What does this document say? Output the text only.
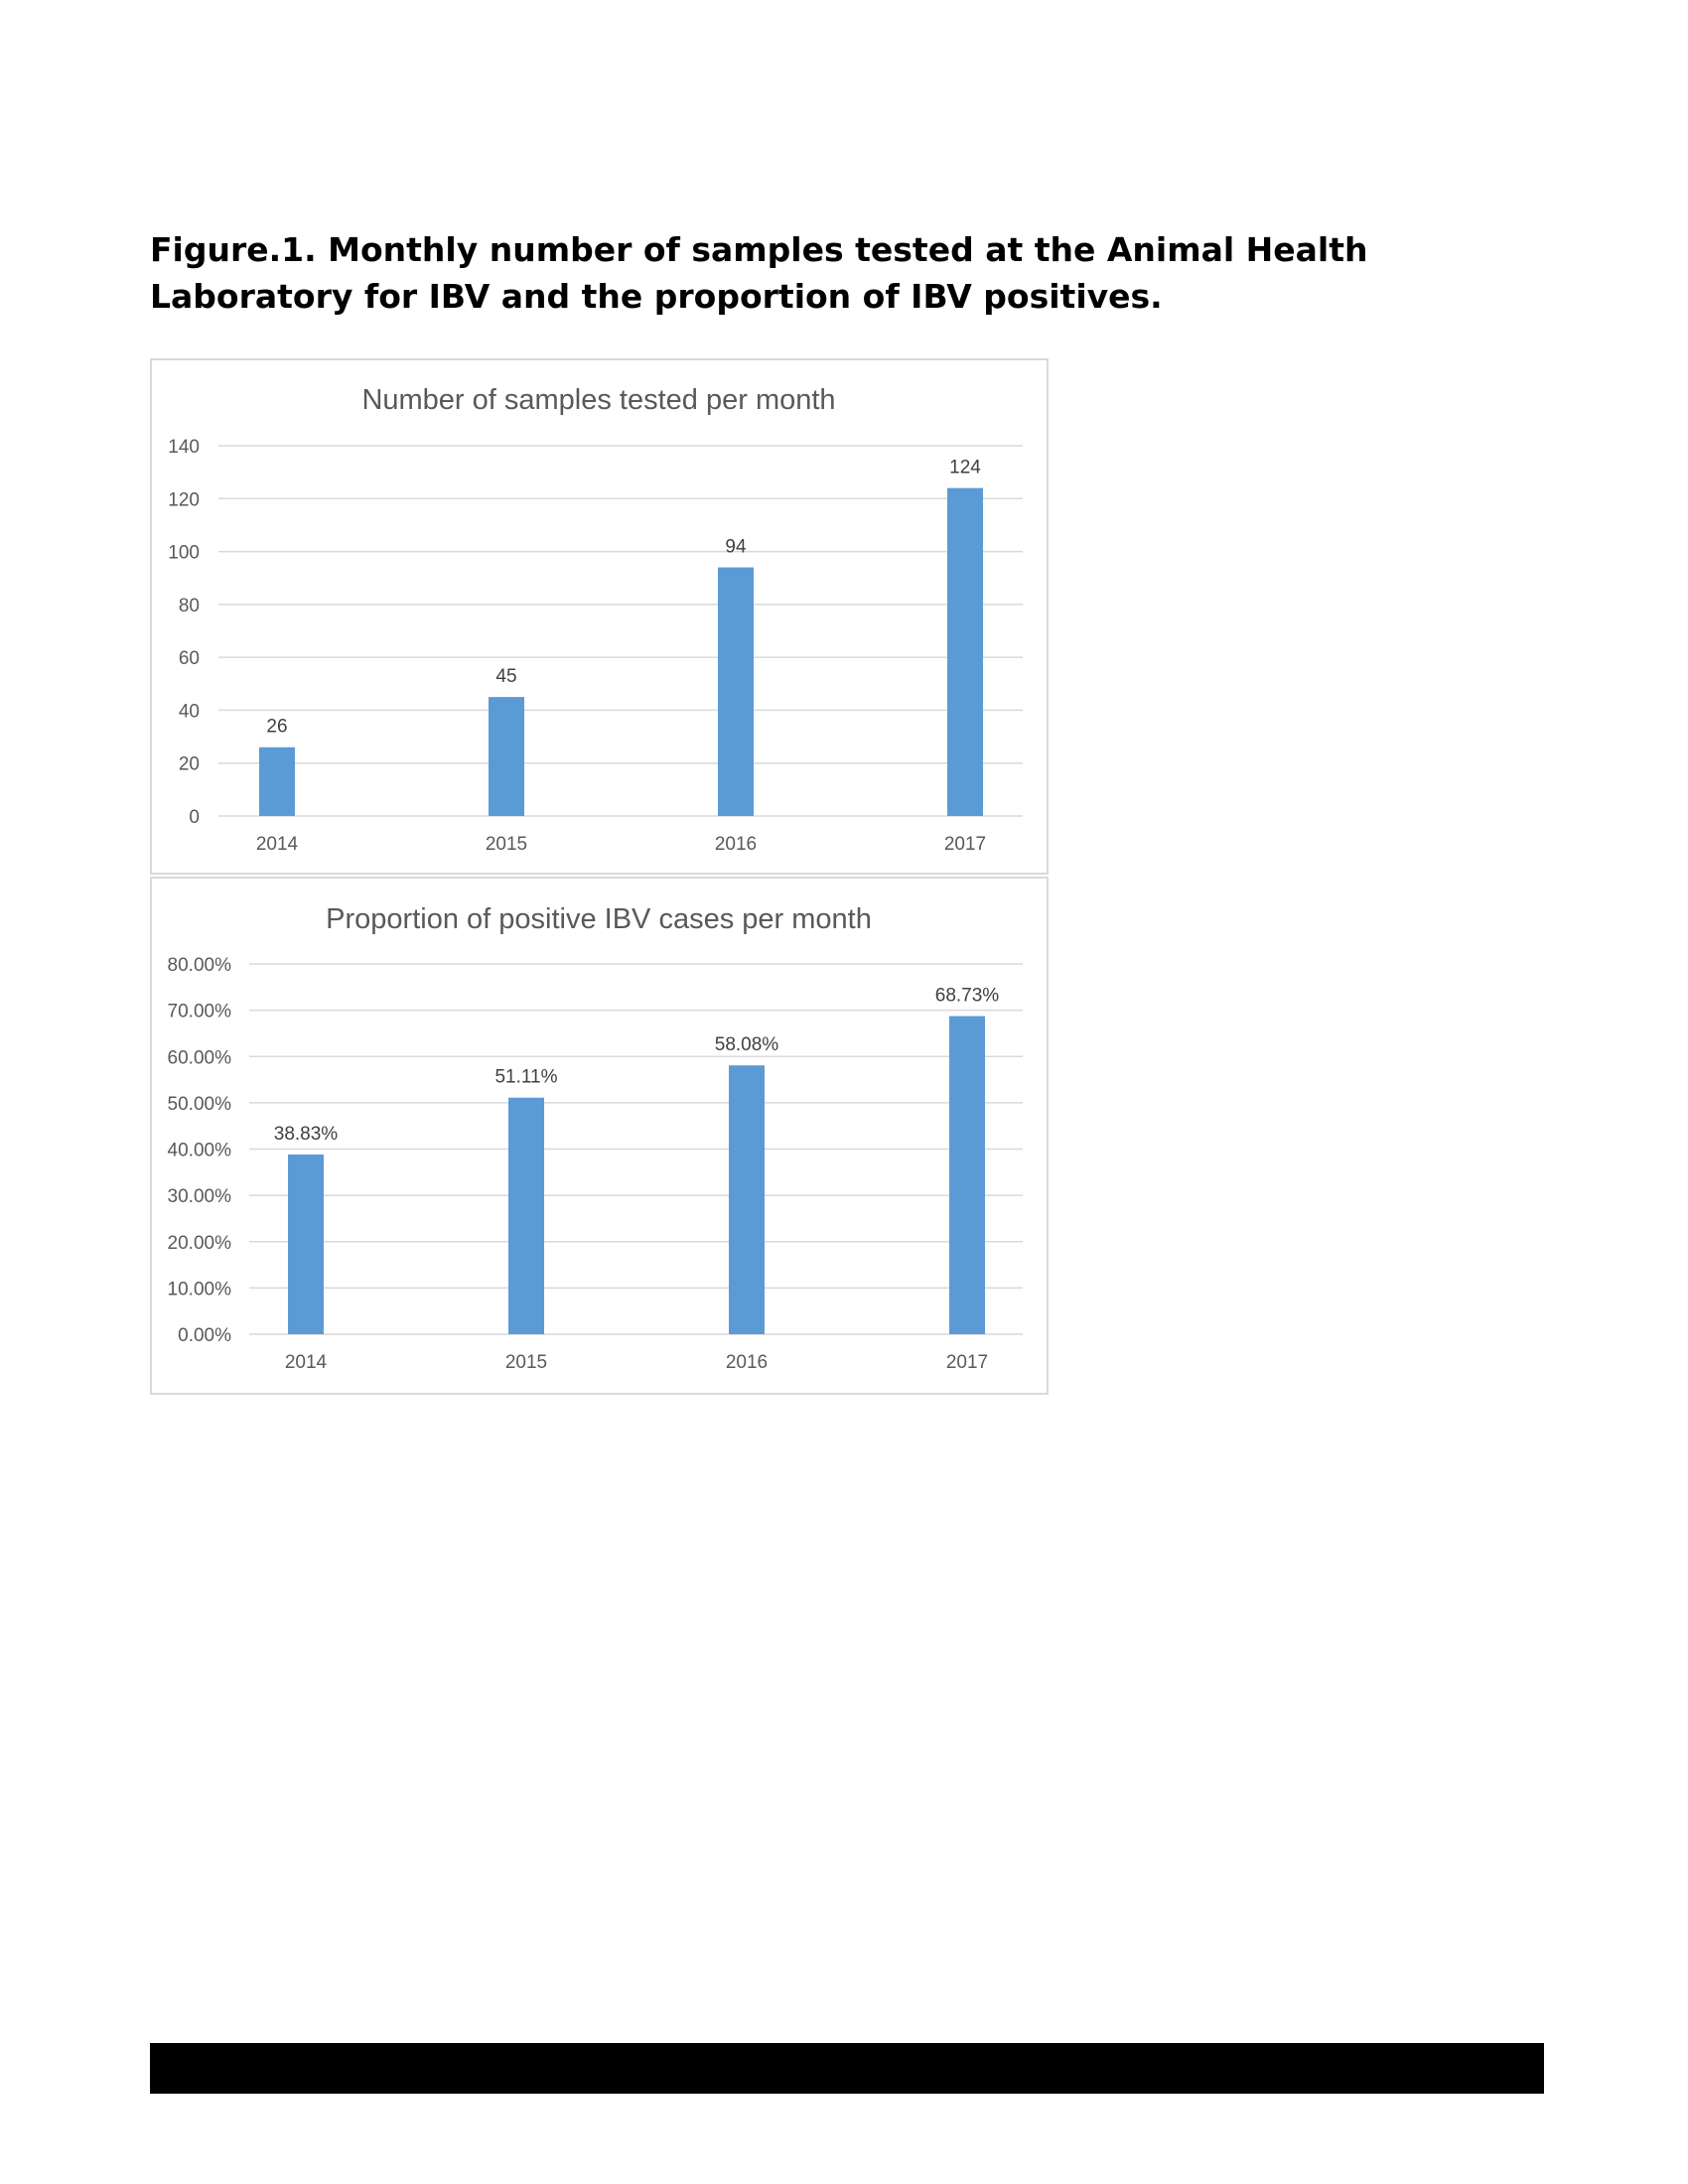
Figure.1. Monthly number of samples tested at the Animal Health Laboratory for IBV and the proportion of IBV positives.
Number of samples tested per month
0
20
40
60
80
100
120
140
26
2014
45
2015
94
2016
124
2017
Proportion of positive IBV cases per month
0.00%
10.00%
20.00%
30.00%
40.00%
50.00%
60.00%
70.00%
80.00%
38.83%
2014
51.11%
2015
58.08%
2016
68.73%
2017
